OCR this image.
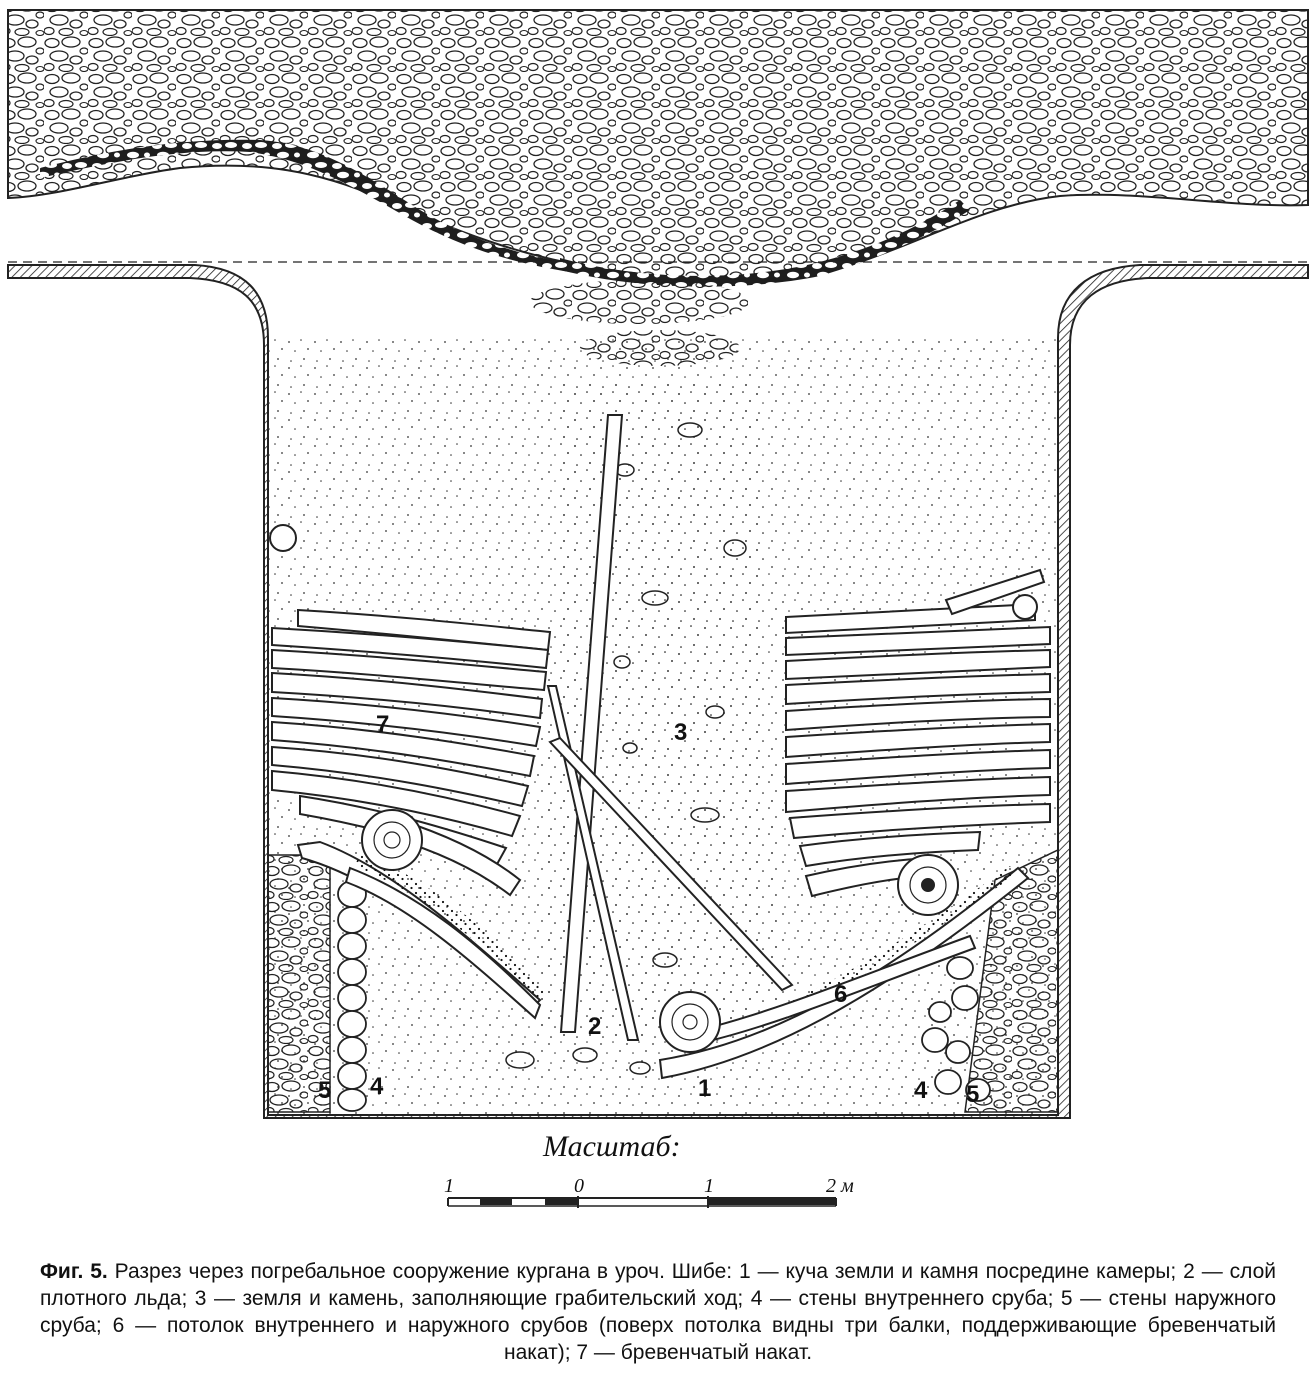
1
2
3
4	4
5	5
6
7
Масштаб:
1	0	1	2 м
Фиг. 5. Разрез через погребальное сооружение кургана в уроч. Шибе: 1 — куча земли и камня посредине камеры; 2 — слой плотного льда; 3 — земля и камень, заполняющие грабительский ход; 4 — стены внутреннего сруба; 5 — стены наружного сруба; 6 — потолок внутреннего и наружного срубов (поверх потолка видны три балки, поддерживающие бревенчатый накат); 7 — бревенчатый накат.
